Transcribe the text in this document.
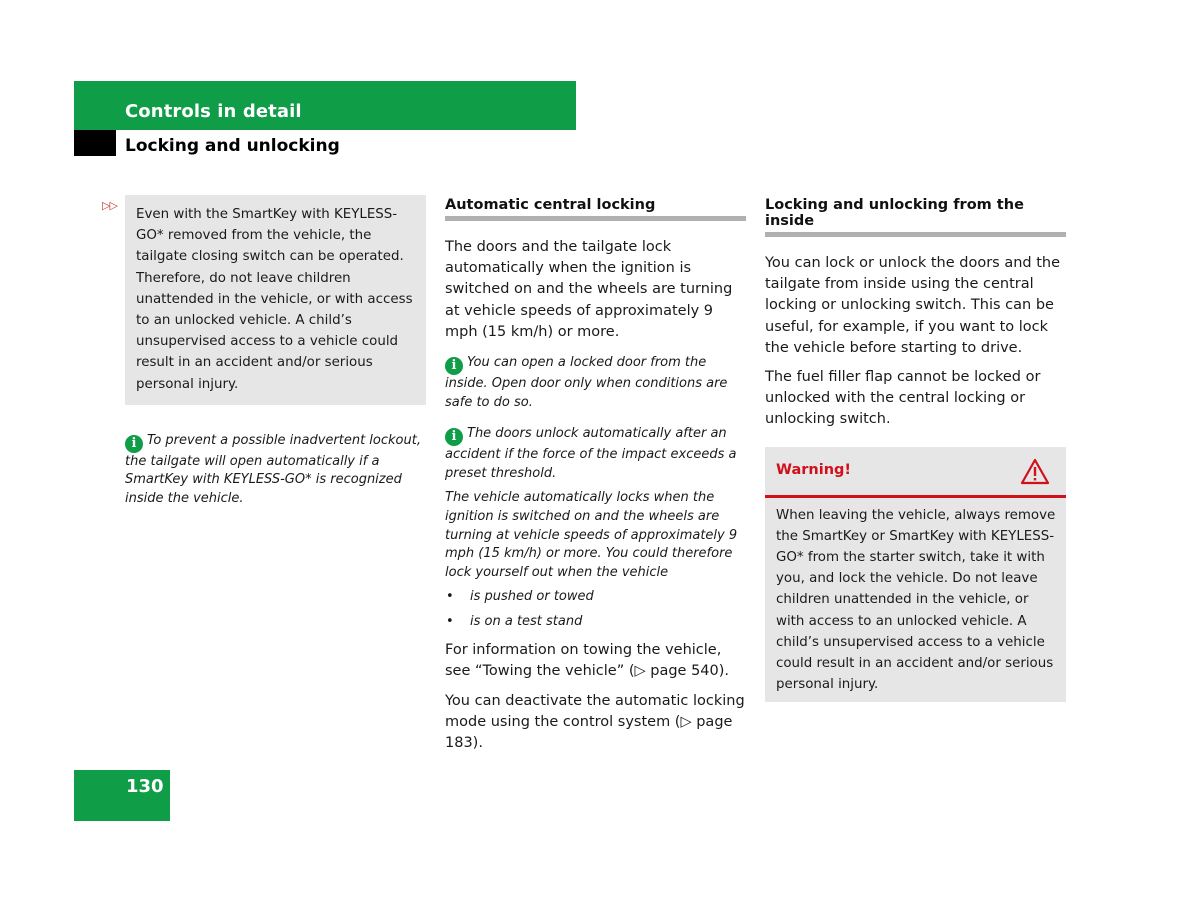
Controls in detail
Locking and unlocking
▷▷

Even with the SmartKey with KEYLESS-GO* removed from the vehicle, the tailgate closing switch can be operated. Therefore, do not leave children unattended in the vehicle, or with access to an unlocked vehicle. A child’s unsupervised access to a vehicle could result in an accident and/or serious personal injury.

i To prevent a possible inadvertent lockout, the tailgate will open automatically if a SmartKey with KEYLESS-GO* is recognized inside the vehicle.
Automatic central locking

The doors and the tailgate lock automatically when the ignition is switched on and the wheels are turning at vehicle speeds of approximately 9 mph (15 km/h) or more.

i You can open a locked door from the inside. Open door only when conditions are safe to do so.
i The doors unlock automatically after an accident if the force of the impact exceeds a preset threshold.
The vehicle automatically locks when the ignition is switched on and the wheels are turning at vehicle speeds of approximately 9 mph (15 km/h) or more. You could therefore lock yourself out when the vehicle
• is pushed or towed
• is on a test stand

For information on towing the vehicle, see “Towing the vehicle” (▷ page 540).

You can deactivate the automatic locking mode using the control system (▷ page 183).

Locking and unlocking from the inside

You can lock or unlock the doors and the tailgate from inside using the central locking or unlocking switch. This can be useful, for example, if you want to lock the vehicle before starting to drive.

The fuel filler flap cannot be locked or unlocked with the central locking or unlocking switch.

Warning!
When leaving the vehicle, always remove the SmartKey or SmartKey with KEYLESS-GO* from the starter switch, take it with you, and lock the vehicle. Do not leave children unattended in the vehicle, or with access to an unlocked vehicle. A child’s unsupervised access to a vehicle could result in an accident and/or serious personal injury.
130
